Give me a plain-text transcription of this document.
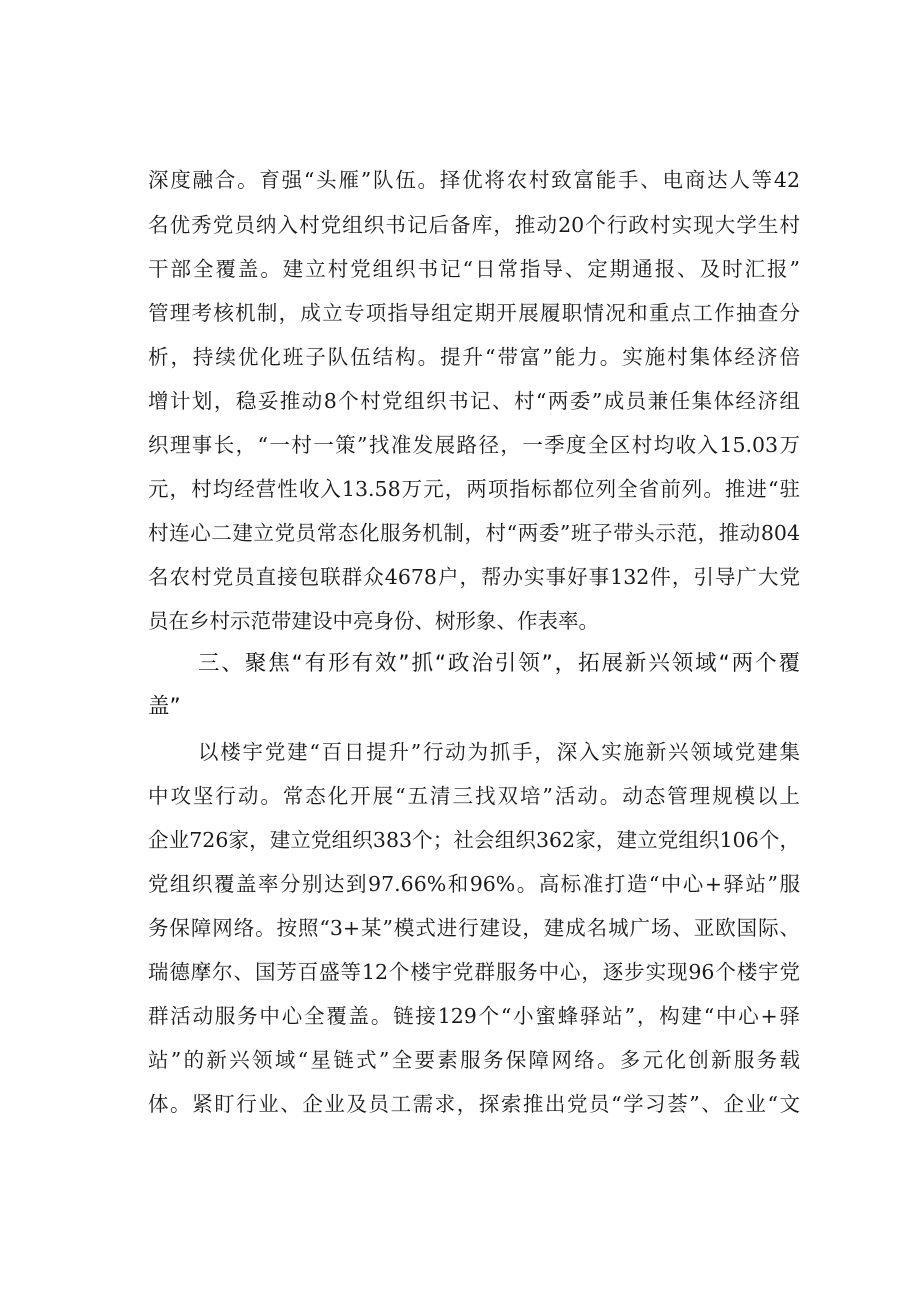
深度融合。育强“头雁”队伍。择优将农村致富能手、电商达人等42
名优秀党员纳入村党组织书记后备库，推动20个行政村实现大学生村
干部全覆盖。建立村党组织书记“日常指导、定期通报、及时汇报”
管理考核机制，成立专项指导组定期开展履职情况和重点工作抽查分
析，持续优化班子队伍结构。提升“带富”能力。实施村集体经济倍
增计划，稳妥推动8个村党组织书记、村“两委”成员兼任集体经济组
织理事长，“一村一策”找准发展路径，一季度全区村均收入15.03万
元，村均经营性收入13.58万元，两项指标都位列全省前列。推进“驻
村连心二建立党员常态化服务机制，村“两委”班子带头示范，推动804
名农村党员直接包联群众4678户，帮办实事好事132件，引导广大党
员在乡村示范带建设中亮身份、树形象、作表率。
三、聚焦“有形有效”抓“政治引领”，拓展新兴领域“两个覆
盖”
以楼宇党建“百日提升”行动为抓手，深入实施新兴领域党建集
中攻坚行动。常态化开展“五清三找双培”活动。动态管理规模以上
企业726家，建立党组织383个；社会组织362家，建立党组织106个，
党组织覆盖率分别达到97.66%和96%。高标准打造“中心+驿站”服
务保障网络。按照“3+某”模式进行建设，建成名城广场、亚欧国际、
瑞德摩尔、国芳百盛等12个楼宇党群服务中心，逐步实现96个楼宇党
群活动服务中心全覆盖。链接129个“小蜜蜂驿站”，构建“中心+驿
站”的新兴领域“星链式”全要素服务保障网络。多元化创新服务载
体。紧盯行业、企业及员工需求，探索推出党员“学习荟”、企业“文
